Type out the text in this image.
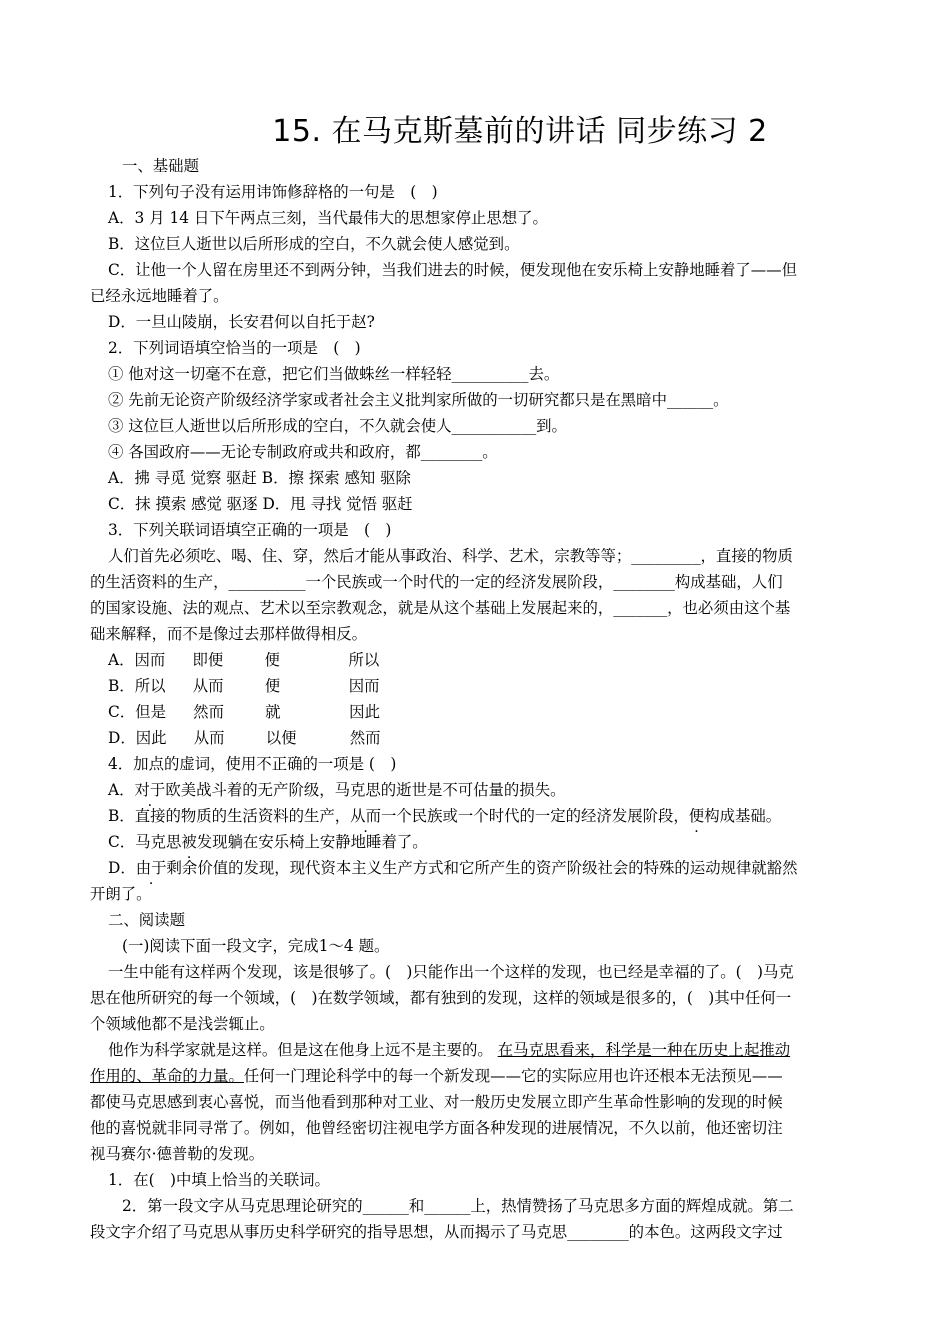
15. 在马克斯墓前的讲话 同步练习 2
一、基础题
1．下列句子没有运用讳饰修辞格的一句是　(　)
A．3 月 14 日下午两点三刻，当代最伟大的思想家停止思想了。
B．这位巨人逝世以后所形成的空白，不久就会使人感觉到。
C．让他一个人留在房里还不到两分钟，当我们进去的时候，便发现他在安乐椅上安静地睡着了——但
已经永远地睡着了。
D．一旦山陵崩，长安君何以自托于赵?
2．下列词语填空恰当的一项是　(　)
① 他对这一切毫不在意，把它们当做蛛丝一样轻轻__________去。
② 先前无论资产阶级经济学家或者社会主义批判家所做的一切研究都只是在黑暗中______。
③ 这位巨人逝世以后所形成的空白，不久就会使人___________到。
④ 各国政府——无论专制政府或共和政府，都________。
A．拂 寻觅 觉察 驱赶 B．擦 探索 感知 驱除
C．抹 摸索 感觉 驱逐 D．甩 寻找 觉悟 驱赶
3．下列关联词语填空正确的一项是　(　)
人们首先必须吃、喝、住、穿，然后才能从事政治、科学、艺术，宗教等等；_________，直接的物质
的生活资料的生产，__________一个民族或一个时代的一定的经济发展阶段，________构成基础，人们
的国家设施、法的观点、艺术以至宗教观念，就是从这个基础上发展起来的，_______，也必须由这个基
础来解释，而不是像过去那样做得相反。
A．因而 即便	便	所以
B．所以 从而	便	因而
C．但是 然而	就	因此
D．因此 从而	以便	然而
4．加点的虚词，使用不正确的一项是 (　)
A．对于欧美战斗着的无产阶级，马克思的逝世是不可估量的损失。
B．直接的物质的生活资料的生产，从而一个民族或一个时代的一定的经济发展阶段，便构成基础。
C．马克思被发现躺在安乐椅上安静地睡着了。
D．由于剩余价值的发现，现代资本主义生产方式和它所产生的资产阶级社会的特殊的运动规律就豁然
开朗了。
二、阅读题
(一)阅读下面一段文字，完成1～4 题。
一生中能有这样两个发现，该是很够了。(　)只能作出一个这样的发现，也已经是幸福的了。(　)马克
思在他所研究的每一个领域，(　)在数学领域，都有独到的发现，这样的领域是很多的，(　)其中任何一
个领域他都不是浅尝辄止。
他作为科学家就是这样。但是这在他身上远不是主要的。 在马克思看来，科学是一种在历史上起推动
作用的、革命的力量。任何一门理论科学中的每一个新发现——它的实际应用也许还根本无法预见——
都使马克思感到衷心喜悦，而当他看到那种对工业、对一般历史发展立即产生革命性影响的发现的时候
他的喜悦就非同寻常了。例如，他曾经密切注视电学方面各种发现的进展情况，不久以前，他还密切注
视马赛尔·德普勒的发现。
1．在(　)中填上恰当的关联词。
2．第一段文字从马克思理论研究的______和______上，热情赞扬了马克思多方面的辉煌成就。第二
段文字介绍了马克思从事历史科学研究的指导思想，从而揭示了马克思________的本色。这两段文字过
